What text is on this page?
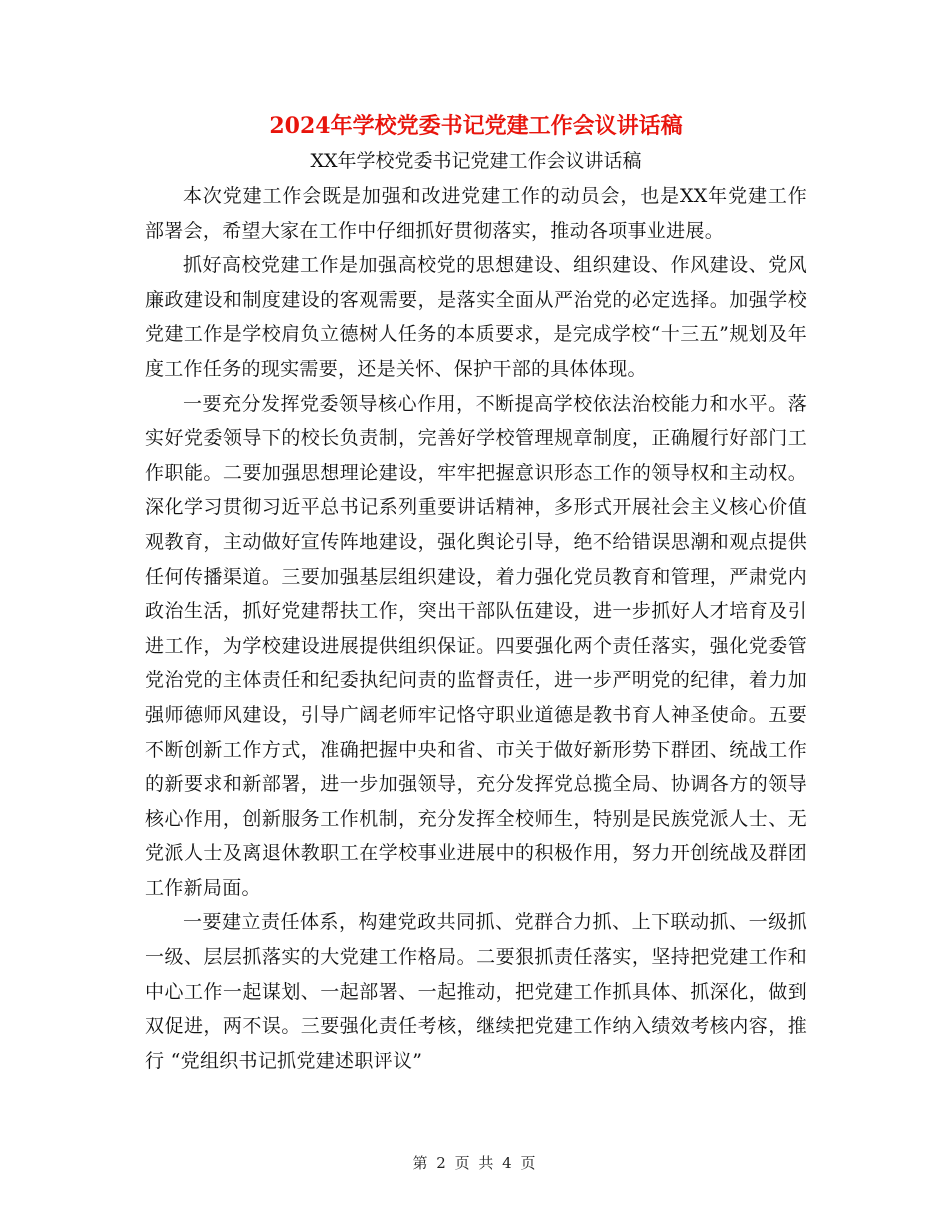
2024年学校党委书记党建工作会议讲话稿

XX年学校党委书记党建工作会议讲话稿

本次党建工作会既是加强和改进党建工作的动员会，也是XX年党建工作部署会，希望大家在工作中仔细抓好贯彻落实，推动各项事业进展。

抓好高校党建工作是加强高校党的思想建设、组织建设、作风建设、党风廉政建设和制度建设的客观需要，是落实全面从严治党的必定选择。加强学校党建工作是学校肩负立德树人任务的本质要求，是完成学校“十三五”规划及年度工作任务的现实需要，还是关怀、保护干部的具体体现。

一要充分发挥党委领导核心作用，不断提高学校依法治校能力和水平。落实好党委领导下的校长负责制，完善好学校管理规章制度，正确履行好部门工作职能。二要加强思想理论建设，牢牢把握意识形态工作的领导权和主动权。深化学习贯彻习近平总书记系列重要讲话精神，多形式开展社会主义核心价值观教育，主动做好宣传阵地建设，强化舆论引导，绝不给错误思潮和观点提供任何传播渠道。三要加强基层组织建设，着力强化党员教育和管理，严肃党内政治生活，抓好党建帮扶工作，突出干部队伍建设，进一步抓好人才培育及引进工作，为学校建设进展提供组织保证。四要强化两个责任落实，强化党委管党治党的主体责任和纪委执纪问责的监督责任，进一步严明党的纪律，着力加强师德师风建设，引导广阔老师牢记恪守职业道德是教书育人神圣使命。五要不断创新工作方式，准确把握中央和省、市关于做好新形势下群团、统战工作的新要求和新部署，进一步加强领导，充分发挥党总揽全局、协调各方的领导核心作用，创新服务工作机制，充分发挥全校师生，特别是民族党派人士、无党派人士及离退休教职工在学校事业进展中的积极作用，努力开创统战及群团工作新局面。

一要建立责任体系，构建党政共同抓、党群合力抓、上下联动抓、一级抓一级、层层抓落实的大党建工作格局。二要狠抓责任落实，坚持把党建工作和中心工作一起谋划、一起部署、一起推动，把党建工作抓具体、抓深化，做到双促进，两不误。三要强化责任考核，继续把党建工作纳入绩效考核内容，推行 “党组织书记抓党建述职评议”

第 2 页 共 4 页
